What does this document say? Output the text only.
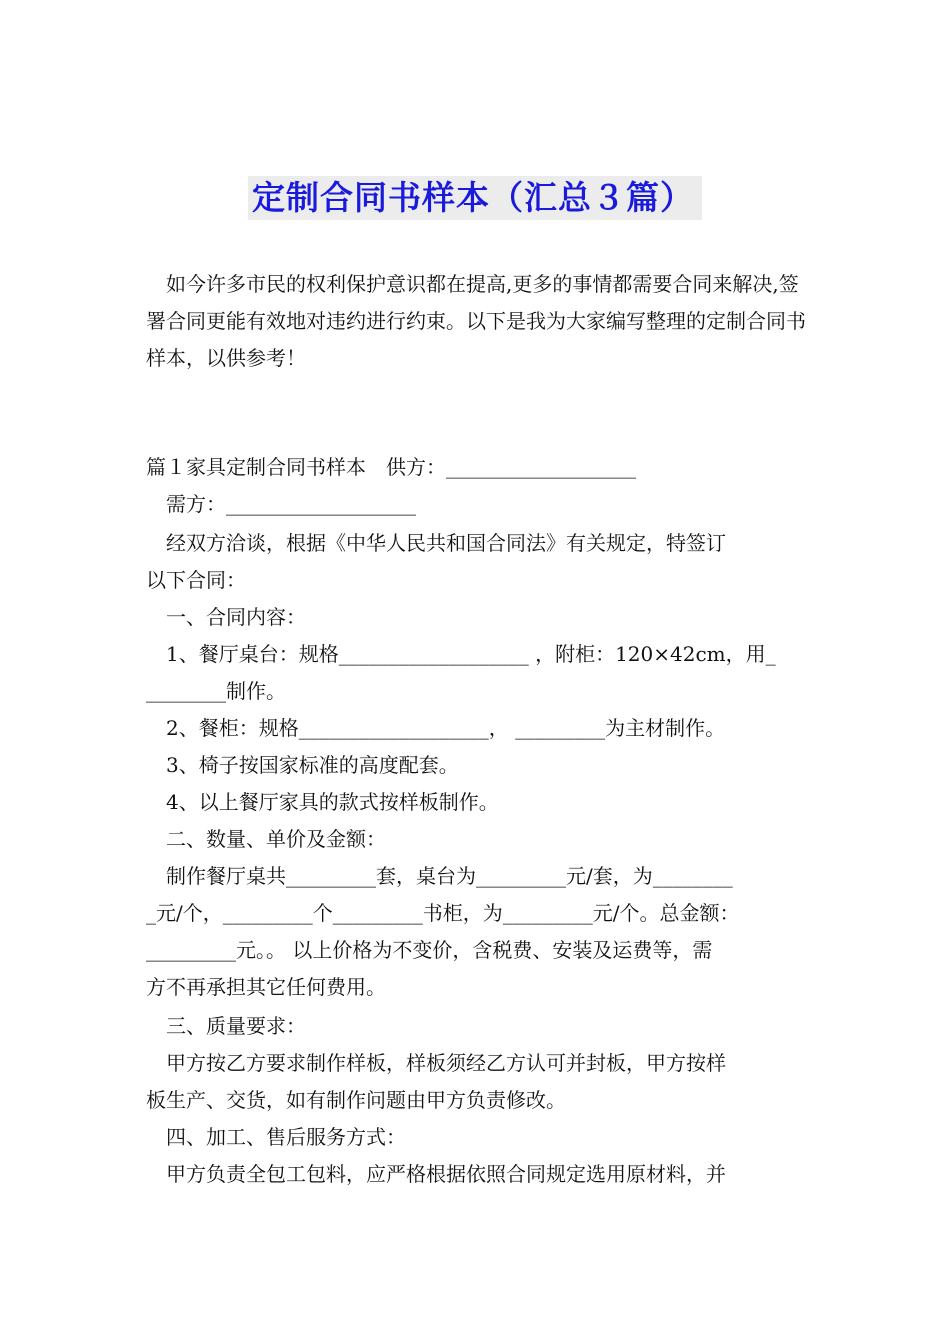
定制合同书样本（汇总３篇）

　如今许多市民的权利保护意识都在提高,更多的事情都需要合同来解决,签署合同更能有效地对违约进行约束。以下是我为大家编写整理的定制合同书样本，以供参考！

篇１家具定制合同书样本　供方：___________________

　需方：___________________

　经双方洽谈，根据《中华人民共和国合同法》有关规定，特签订

以下合同：

　一、合同内容：

　1、餐厅桌台：规格___________________ ，附柜：120×42cm，用_

________制作。

　2、餐柜：规格___________________， _________为主材制作。

　3、椅子按国家标准的高度配套。

　4、以上餐厅家具的款式按样板制作。

　二、数量、单价及金额：

　制作餐厅桌共_________套，桌台为_________元/套，为________

_元/个，_________个_________书柜，为_________元/个。总金额：

_________元。。 以上价格为不变价，含税费、安装及运费等，需

方不再承担其它任何费用。

　三、质量要求：

　甲方按乙方要求制作样板，样板须经乙方认可并封板，甲方按样

板生产、交货，如有制作问题由甲方负责修改。

　四、加工、售后服务方式：

　甲方负责全包工包料，应严格根据依照合同规定选用原材料，并
